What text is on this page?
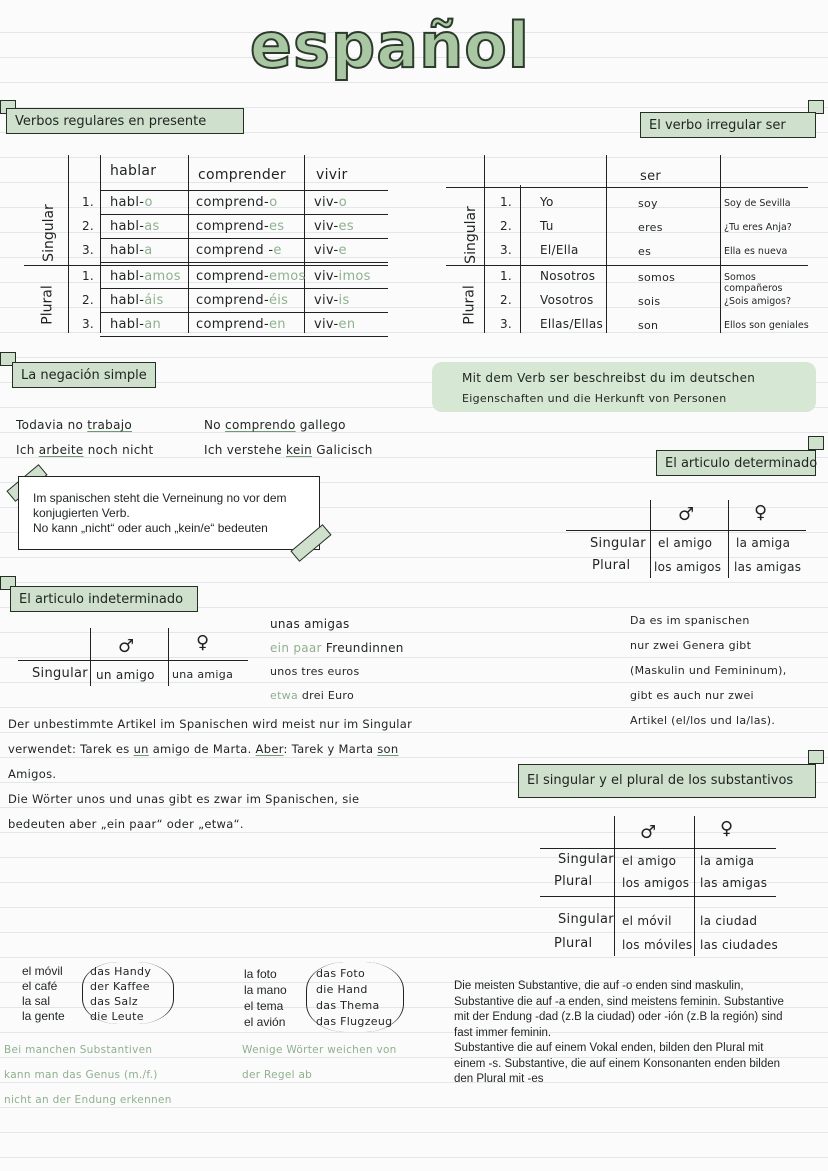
español
Verbos regulares en presente
Singular
Plural
hablar	comprender vivir
1. habl-o	comprend-o	viv-o
2. habl-as	comprend-es viv-es
3. habl-a	comprend -e viv-e
1. habl-amos comprend-emos viv-imos
2. habl-áis comprend-éis viv-is
3. habl-an	comprend-en viv-en
El verbo irregular ser
Singular
Plural
ser
1. Yo	soy	Soy de Sevilla
2. Tu	eres	¿Tu eres Anja?
3. El/Ella	es	Ella es nueva
1. Nosotros	somos	Somos compañeros
2. Vosotros	sois	¿Sois amigos?
3. Ellas/Ellas	son	Ellos son geniales
La negación simple
Todavia no trabajo
Ich arbeite noch nicht
No comprendo gallego
Ich verstehe kein Galicisch
Im spanischen steht die Verneinung no vor dem
konjugierten Verb.
No kann „nicht“ oder auch „kein/e“ bedeuten
Mit dem Verb ser beschreibst du im deutschen
Eigenschaften und die Herkunft von Personen
El articulo determinado
♂	♀
Singular el amigo la amiga
Plural los amigos las amigas
Da es im spanischen
nur zwei Genera gibt
(Maskulin und Femininum),
gibt es auch nur zwei
Artikel (el/los und la/las).
El articulo indeterminado
♂	♀
Singular un amigo una amiga
unas amigas
ein paar Freundinnen
unos tres euros
etwa drei Euro
Der unbestimmte Artikel im Spanischen wird meist nur im Singular
verwendet: Tarek es un amigo de Marta. Aber: Tarek y Marta son
Amigos.
Die Wörter unos und unas gibt es zwar im Spanischen, sie
bedeuten aber „ein paar“ oder „etwa“.
El singular y el plural de los substantivos
♂	♀
Singular el amigo la amiga
Plural los amigos las amigas
Singular el móvil la ciudad
Plural los móviles las ciudades
el móvil
el café
la sal
la gente
das Handy
der Kaffee
das Salz
die Leute
la foto
la mano
el tema
el avión
das Foto
die Hand
das Thema
das Flugzeug
Bei manchen Substantiven
kann man das Genus (m./f.)
nicht an der Endung erkennen
Wenige Wörter weichen von
der Regel ab
Die meisten Substantive, die auf -o enden sind maskulin,
Substantive die auf -a enden, sind meistens feminin. Substantive
mit der Endung -dad (z.B la ciudad) oder -ión (z.B la región) sind
fast immer feminin.
Substantive die auf einem Vokal enden, bilden den Plural mit
einem -s. Substantive, die auf einem Konsonanten enden bilden
den Plural mit -es
